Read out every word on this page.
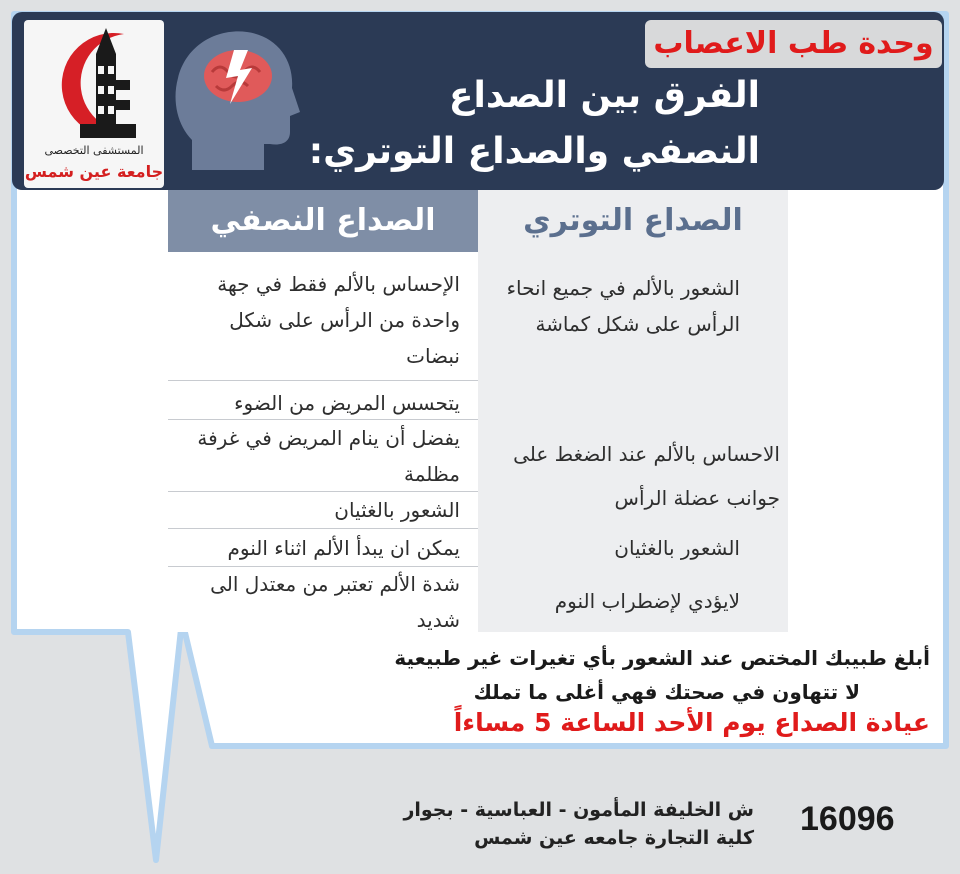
الفرق بين الصداع
النصفي والصداع التوتري:
وحدة طب الاعصاب
المستشفى التخصصى
جامعة عين شمس
الصداع النصفي	الصداع التوتري
الإحساس بالألم فقط في جهة واحدة من الرأس على شكل نبضات
يتحسس المريض من الضوء
يفضل أن ينام المريض في غرفة مظلمة
الشعور بالغثيان
يمكن ان يبدأ الألم اثناء النوم
شدة الألم تعتبر من معتدل الى شديد
الشعور بالألم في جميع انحاء الرأس على شكل كماشة
الاحساس بالألم عند الضغط على جوانب عضلة الرأس
الشعور بالغثيان
لايؤدي لإضطراب النوم
أبلغ طبيبك المختص عند الشعور بأي تغيرات غير طبيعية
لا تتهاون في صحتك فهي أغلى ما تملك
عيادة الصداع يوم الأحد الساعة 5 مساءاً
ش الخليفة المأمون - العباسية - بجوار
كلية التجارة جامعه عين شمس 16096
